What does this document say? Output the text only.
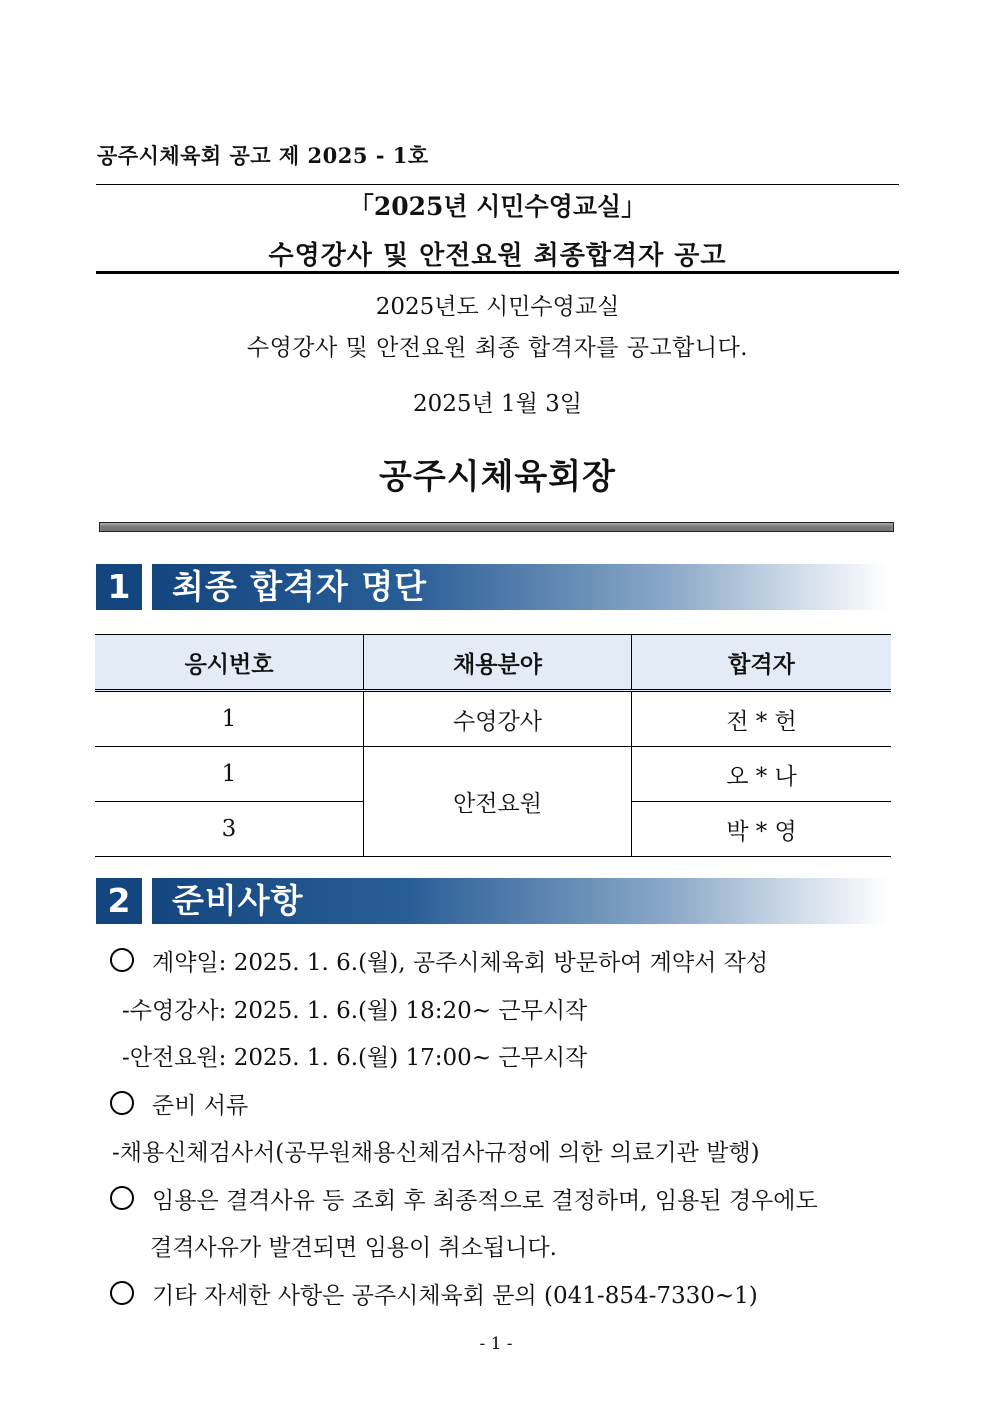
공주시체육회 공고 제 2025 - 1호
「2025년 시민수영교실」
수영강사 및 안전요원 최종합격자 공고
2025년도 시민수영교실
수영강사 및 안전요원 최종 합격자를 공고합니다.
2025년 1월 3일
공주시체육회장
1	최종 합격자 명단
응시번호	채용분야	합격자
1	수영강사	전 * 헌
1	안전요원	오 * 나
3		박 * 영
2	준비사항
계약일: 2025. 1. 6.(월), 공주시체육회 방문하여 계약서 작성
-수영강사: 2025. 1. 6.(월) 18:20~ 근무시작
-안전요원: 2025. 1. 6.(월) 17:00~ 근무시작
준비 서류
-채용신체검사서(공무원채용신체검사규정에 의한 의료기관 발행)
임용은 결격사유 등 조회 후 최종적으로 결정하며, 임용된 경우에도
결격사유가 발견되면 임용이 취소됩니다.
기타 자세한 사항은 공주시체육회 문의 (041-854-7330~1)
- 1 -
